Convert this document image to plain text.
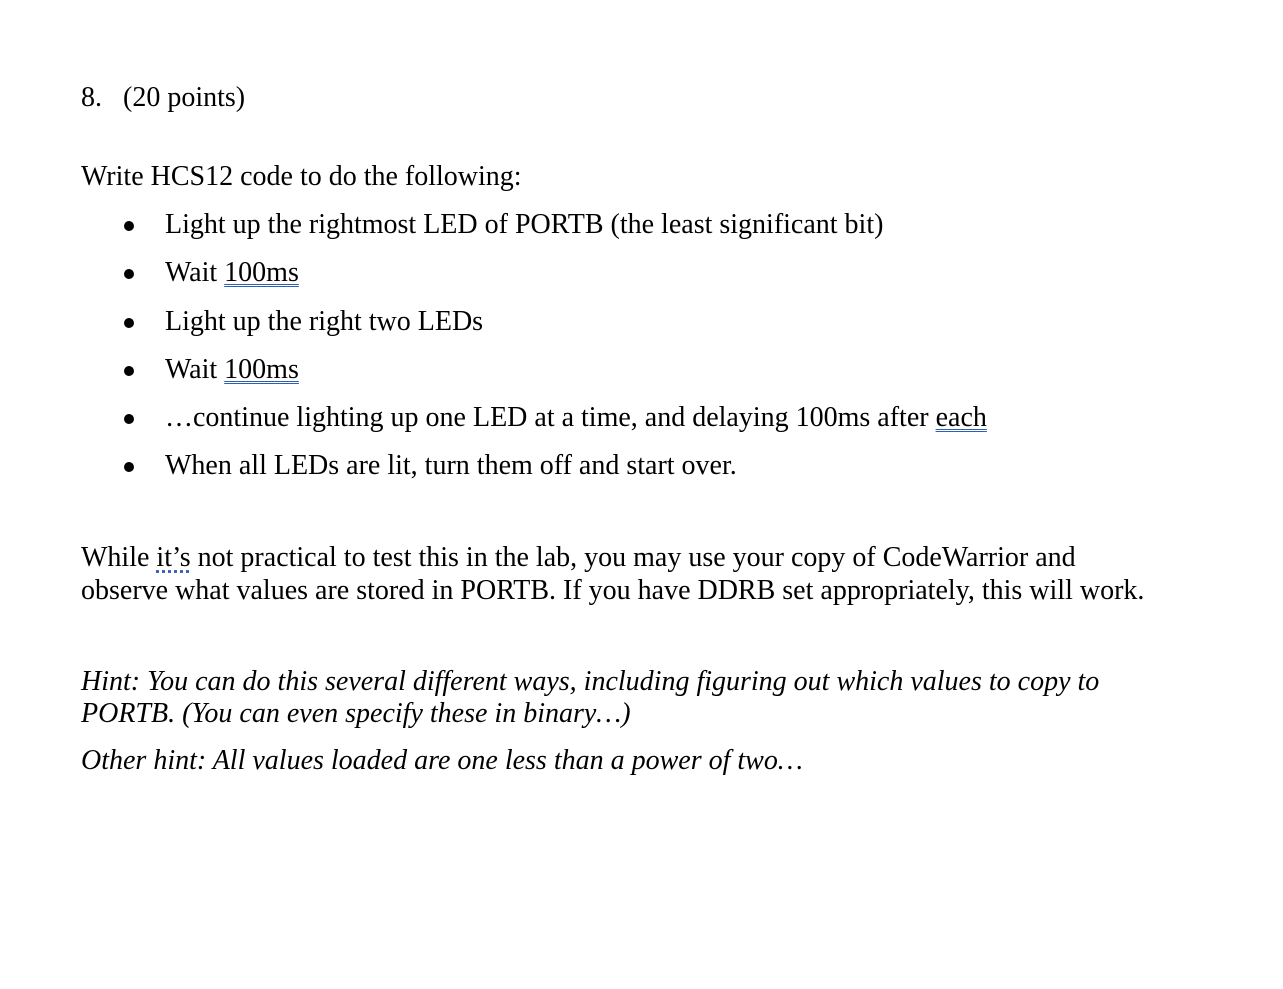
8. (20 points)
Write HCS12 code to do the following:
Light up the rightmost LED of PORTB (the least significant bit)
Wait 100ms
Light up the right two LEDs
Wait 100ms
…continue lighting up one LED at a time, and delaying 100ms after each
When all LEDs are lit, turn them off and start over.
While it’s not practical to test this in the lab, you may use your copy of CodeWarrior and
observe what values are stored in PORTB. If you have DDRB set appropriately, this will work.
Hint: You can do this several different ways, including figuring out which values to copy to
PORTB. (You can even specify these in binary…)
Other hint: All values loaded are one less than a power of two…
